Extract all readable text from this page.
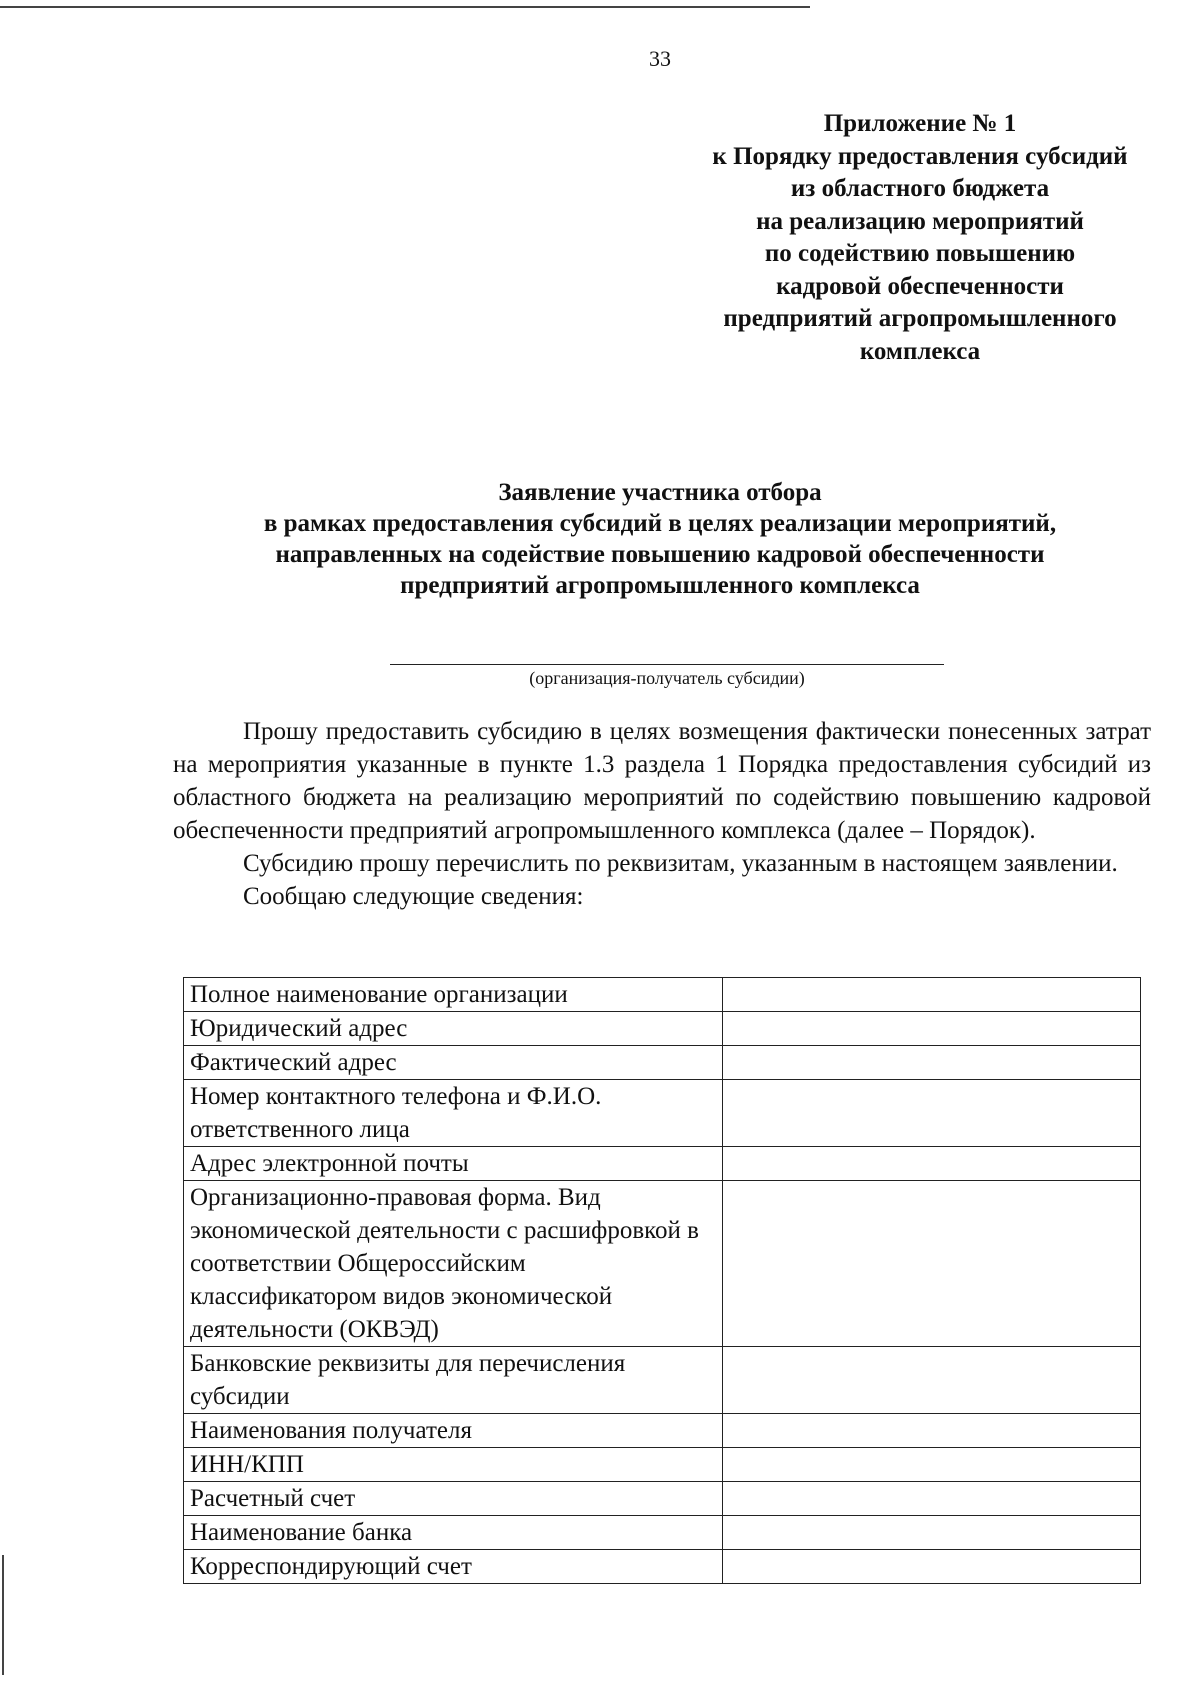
33
Приложение № 1
к Порядку предоставления субсидий
из областного бюджета
на реализацию мероприятий
по содействию повышению
кадровой обеспеченности
предприятий агропромышленного
комплекса
Заявление участника отбора
в рамках предоставления субсидий в целях реализации мероприятий,
направленных на содействие повышению кадровой обеспеченности
предприятий агропромышленного комплекса
(организация-получатель субсидии)

Прошу предоставить субсидию в целях возмещения фактически понесенных затрат на мероприятия указанные в пункте 1.3 раздела 1 Порядка предоставления субсидий из областного бюджета на реализацию мероприятий по содействию повышению кадровой обеспеченности предприятий агропромышленного комплекса (далее – Порядок).

Субсидию прошу перечислить по реквизитам, указанным в настоящем заявлении.

Сообщаю следующие сведения:

Полное наименование организации	
Юридический адрес	
Фактический адрес	
Номер контактного телефона и Ф.И.О. ответственного лица	
Адрес электронной почты	
Организационно-правовая форма. Вид экономической деятельности с расшифровкой в соответствии Общероссийским классификатором видов экономической деятельности (ОКВЭД)	
Банковские реквизиты для перечисления субсидии	
Наименования получателя	
ИНН/КПП	
Расчетный счет	
Наименование банка	
Корреспондирующий счет	
